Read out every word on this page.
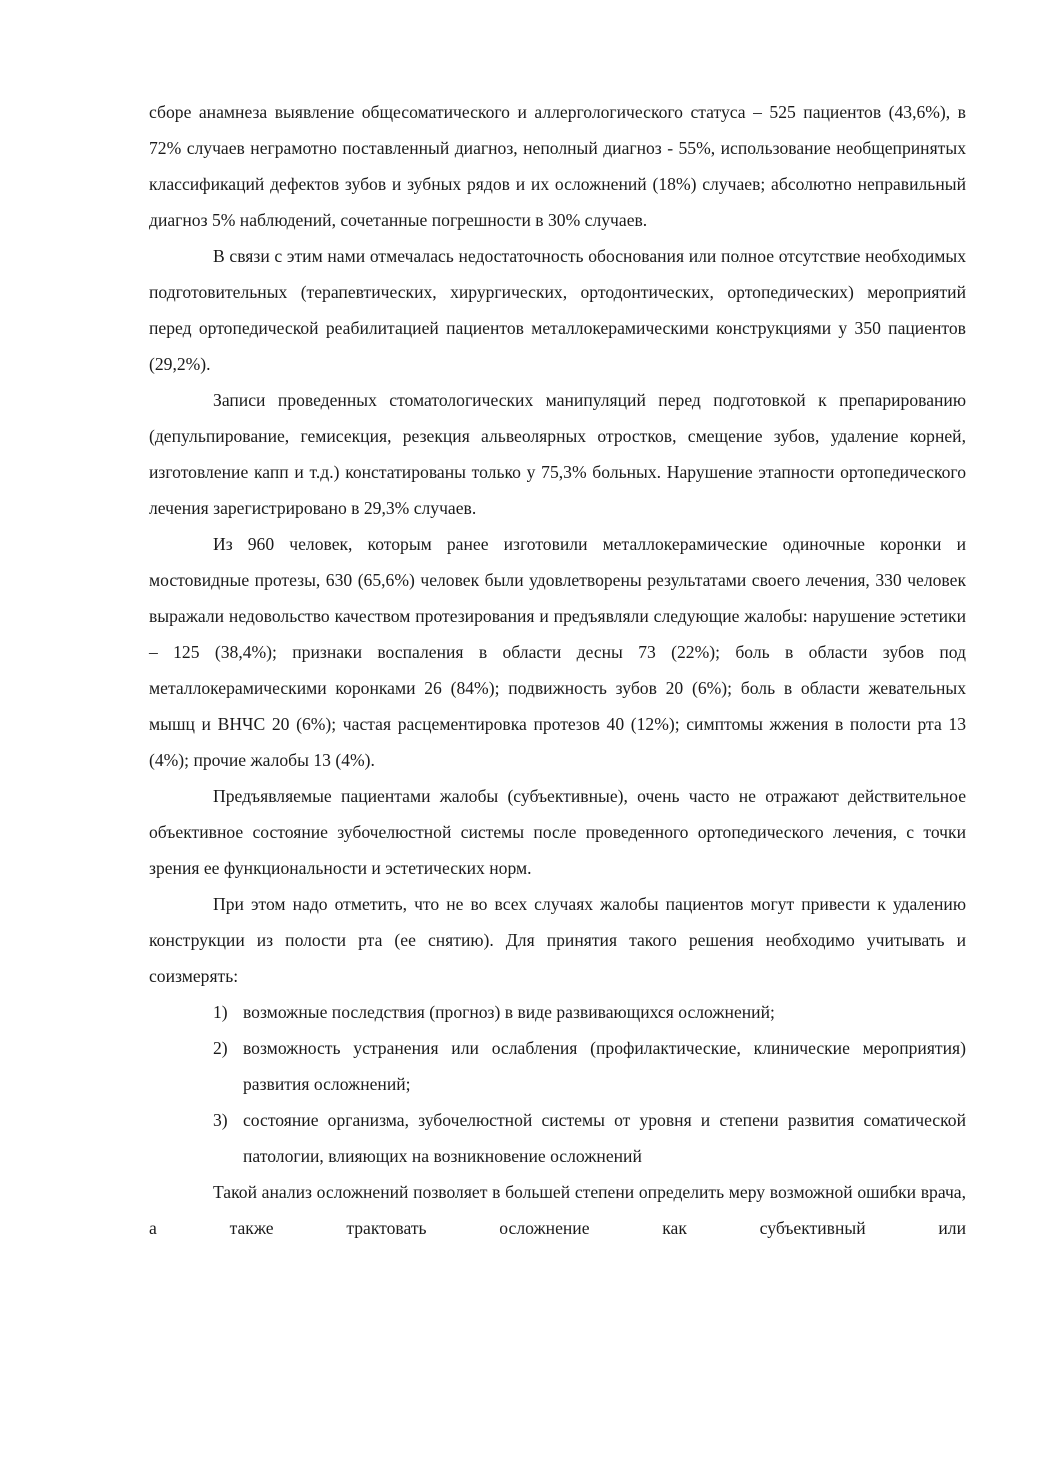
сборе анамнеза выявление общесоматического и аллергологического статуса – 525 пациентов (43,6%), в 72% случаев неграмотно поставленный диагноз, неполный диагноз - 55%, использование необщепринятых классификаций дефектов зубов и зубных рядов и их осложнений (18%) случаев; абсолютно неправильный диагноз 5% наблюдений, сочетанные погрешности в 30% случаев.

В связи с этим нами отмечалась недостаточность обоснования или полное отсутствие необходимых подготовительных (терапевтических, хирургических, ортодонтических, ортопедических) мероприятий перед ортопедической реабилитацией пациентов металлокерамическими конструкциями у 350 пациентов (29,2%).

Записи проведенных стоматологических манипуляций перед подготовкой к препарированию (депульпирование, гемисекция, резекция альвеолярных отростков, смещение зубов, удаление корней, изготовление капп и т.д.) констатированы только у 75,3% больных. Нарушение этапности ортопедического лечения зарегистрировано в 29,3% случаев.

Из 960 человек, которым ранее изготовили металлокерамические одиночные коронки и мостовидные протезы, 630 (65,6%) человек были удовлетворены результатами своего лечения, 330 человек выражали недовольство качеством протезирования и предъявляли следующие жалобы: нарушение эстетики – 125 (38,4%); признаки воспаления в области десны 73 (22%); боль в области зубов под металлокерамическими коронками 26 (84%); подвижность зубов 20 (6%); боль в области жевательных мышц и ВНЧС 20 (6%); частая расцементировка протезов 40 (12%); симптомы жжения в полости рта 13 (4%); прочие жалобы 13 (4%).

Предъявляемые пациентами жалобы (субъективные), очень часто не отражают действительное объективное состояние зубочелюстной системы после проведенного ортопедического лечения, с точки зрения ее функциональности и эстетических норм.

При этом надо отметить, что не во всех случаях жалобы пациентов могут привести к удалению конструкции из полости рта (ее снятию). Для принятия такого решения необходимо учитывать и соизмерять:

1) возможные последствия (прогноз) в виде развивающихся осложнений;
2) возможность устранения или ослабления (профилактические, клинические мероприятия) развития осложнений;
3) состояние организма, зубочелюстной системы от уровня и степени развития соматической патологии, влияющих на возникновение осложнений

Такой анализ осложнений позволяет в большей степени определить меру возможной ошибки врача, а также трактовать осложнение как субъективный или
